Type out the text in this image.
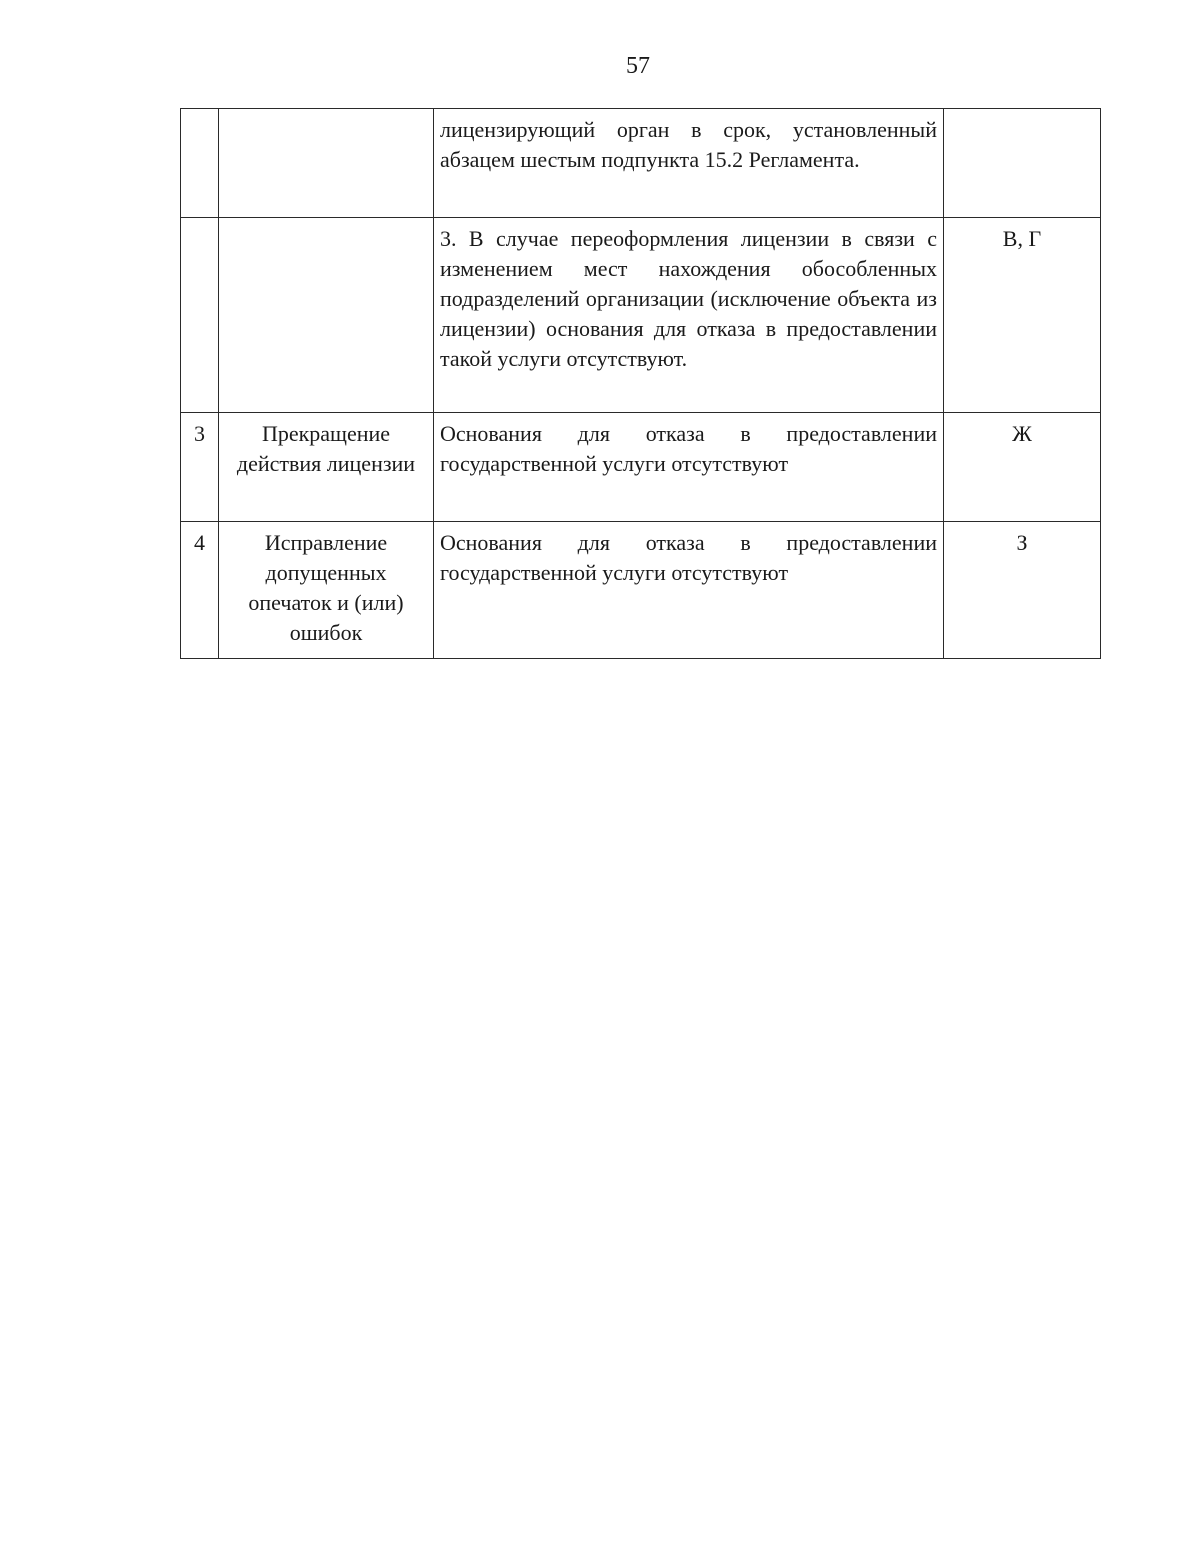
57

		лицензирующий орган в срок, установленный абзацем шестым подпункта 15.2 Регламента.	

		3. В случае переоформления лицензии в связи с изменением мест нахождения обособленных подразделений организации (исключение объекта из лицензии) основания для отказа в предоставлении такой услуги отсутствуют.	В, Г
3	Прекращение действия лицензии	Основания для отказа в предоставлении государственной услуги отсутствуют	Ж
4	Исправление допущенных опечаток и (или) ошибок	Основания для отказа в предоставлении государственной услуги отсутствуют	З
